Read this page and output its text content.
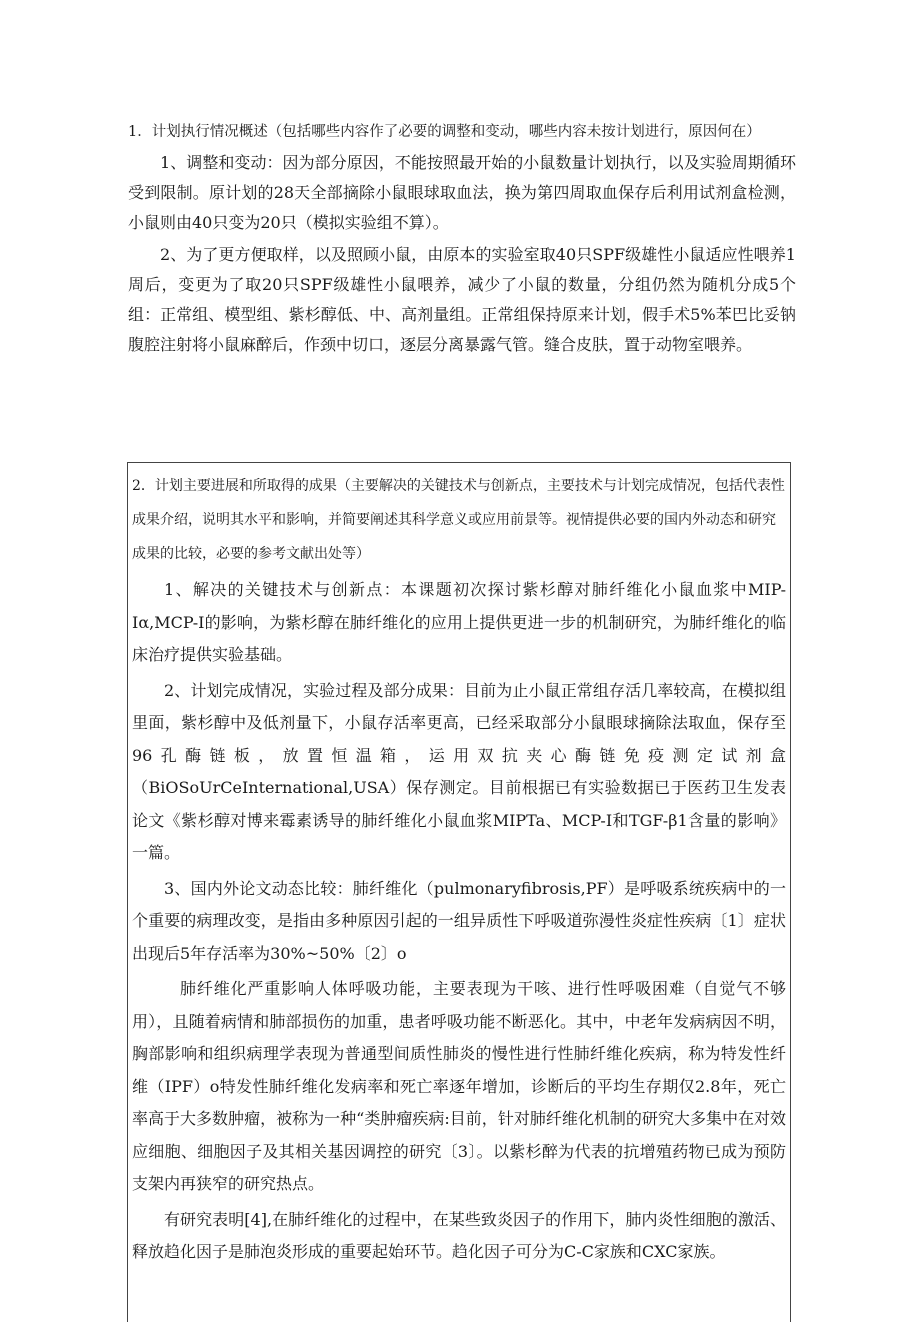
1．计划执行情况概述（包括哪些内容作了必要的调整和变动，哪些内容未按计划进行，原因何在）

1、调整和变动：因为部分原因，不能按照最开始的小鼠数量计划执行，以及实验周期循环受到限制。原计划的28天全部摘除小鼠眼球取血法，换为第四周取血保存后利用试剂盒检测，小鼠则由40只变为20只（模拟实验组不算）。

2、为了更方便取样，以及照顾小鼠，由原本的实验室取40只SPF级雄性小鼠适应性喂养1周后，变更为了取20只SPF级雄性小鼠喂养，减少了小鼠的数量，分组仍然为随机分成5个组：正常组、模型组、紫杉醇低、中、高剂量组。正常组保持原来计划，假手术5%苯巴比妥钠腹腔注射将小鼠麻醉后，作颈中切口，逐层分离暴露气管。缝合皮肤，置于动物室喂养。

2．计划主要进展和所取得的成果（主要解决的关键技术与创新点，主要技术与计划完成情况，包括代表性成果介绍，说明其水平和影响，并简要阐述其科学意义或应用前景等。视情提供必要的国内外动态和研究成果的比较，必要的参考文献出处等）

1、解决的关键技术与创新点：本课题初次探讨紫杉醇对肺纤维化小鼠血浆中MIP-Iα,MCP-I的影响，为紫杉醇在肺纤维化的应用上提供更进一步的机制研究，为肺纤维化的临床治疗提供实验基础。

2、计划完成情况，实验过程及部分成果：目前为止小鼠正常组存活几率较高，在模拟组里面，紫杉醇中及低剂量下，小鼠存活率更高，已经采取部分小鼠眼球摘除法取血，保存至96孔酶链板，放置恒温箱，运用双抗夹心酶链免疫测定试剂盒（BiOSoUrCeInternational,USA）保存测定。目前根据已有实验数据已于医药卫生发表论文《紫杉醇对博来霉素诱导的肺纤维化小鼠血浆MIPTa、MCP-I和TGF-β1含量的影响》一篇。

3、国内外论文动态比较：肺纤维化（pulmonaryfibrosis,PF）是呼吸系统疾病中的一个重要的病理改变，是指由多种原因引起的一组异质性下呼吸道弥漫性炎症性疾病〔1〕症状出现后5年存活率为30%~50%〔2〕o

肺纤维化严重影响人体呼吸功能，主要表现为干咳、进行性呼吸困难（自觉气不够用），且随着病情和肺部损伤的加重，患者呼吸功能不断恶化。其中，中老年发病病因不明，胸部影响和组织病理学表现为普通型间质性肺炎的慢性进行性肺纤维化疾病，称为特发性纤维（IPF）o特发性肺纤维化发病率和死亡率逐年增加，诊断后的平均生存期仅2.8年，死亡率高于大多数肿瘤，被称为一种“类肿瘤疾病:目前，针对肺纤维化机制的研究大多集中在对效应细胞、细胞因子及其相关基因调控的研究〔3〕。以紫杉醉为代表的抗增殖药物已成为预防支架内再狭窄的研究热点。

有研究表明[4],在肺纤维化的过程中，在某些致炎因子的作用下，肺内炎性细胞的激活、释放趋化因子是肺泡炎形成的重要起始环节。趋化因子可分为C-C家族和CXC家族。
